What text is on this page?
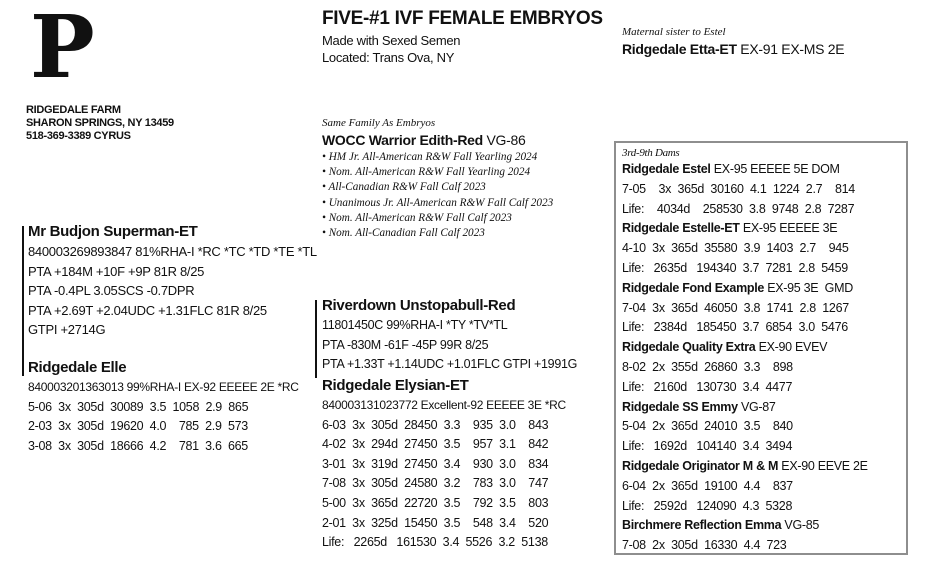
P
RIDGEDALE FARM
SHARON SPRINGS, NY 13459
518-369-3389 CYRUS
FIVE-#1 IVF FEMALE EMBRYOS
Made with Sexed Semen
Located: Trans Ova, NY
Maternal sister to Estel
Ridgedale Etta-ET EX-91 EX-MS 2E
Same Family As Embryos
WOCC Warrior Edith-Red VG-86
• HM Jr. All-American R&W Fall Yearling 2024
• Nom. All-American R&W Fall Yearling 2024
• All-Canadian R&W Fall Calf 2023
• Unanimous Jr. All-American R&W Fall Calf 2023
• Nom. All-American R&W Fall Calf 2023
• Nom. All-Canadian Fall Calf 2023
Mr Budjon Superman-ET
840003269893847 81%RHA-I *RC *TC *TD *TE *TL
PTA +184M +10F +9P 81R 8/25
PTA -0.4PL 3.05SCS -0.7DPR
PTA +2.69T +2.04UDC +1.31FLC 81R 8/25
GTPI +2714G
Ridgedale Elle
840003201363013 99%RHA-I EX-92 EEEEE 2E *RC
5-06  3x  305d  30089  3.5  1058  2.9  865
2-03  3x  305d  19620  4.0    785  2.9  573
3-08  3x  305d  18666  4.2    781  3.6  665
Riverdown Unstopabull-Red
11801450C 99%RHA-I *TY *TV*TL
PTA -830M -61F -45P 99R 8/25
PTA +1.33T +1.14UDC +1.01FLC GTPI +1991G
Ridgedale Elysian-ET
840003131023772 Excellent-92 EEEEE 3E *RC
6-03  3x  305d  28450  3.3    935  3.0    843
4-02  3x  294d  27450  3.5    957  3.1    842
3-01  3x  319d  27450  3.4    930  3.0    834
7-08  3x  305d  24580  3.2    783  3.0    747
5-00  3x  365d  22720  3.5    792  3.5    803
2-01  3x  325d  15450  3.5    548  3.4    520
Life:   2265d   161530  3.4  5526  3.2  5138
3rd-9th Dams
Ridgedale Estel EX-95 EEEEE 5E DOM
7-05    3x  365d  30160  4.1  1224  2.7    814
Life:    4034d    258530  3.8  9748  2.8  7287
Ridgedale Estelle-ET EX-95 EEEEE 3E
4-10  3x  365d  35580  3.9  1403  2.7    945
Life:   2635d   194340  3.7  7281  2.8  5459
Ridgedale Fond Example EX-95 3E  GMD
7-04  3x  365d  46050  3.8  1741  2.8  1267
Life:   2384d   185450  3.7  6854  3.0  5476
Ridgedale Quality Extra EX-90 EVEV
8-02  2x  355d  26860  3.3    898
Life:   2160d   130730  3.4  4477
Ridgedale SS Emmy VG-87
5-04  2x  365d  24010  3.5    840
Life:   1692d   104140  3.4  3494
Ridgedale Originator M & M EX-90 EEVE 2E
6-04  2x  365d  19100  4.4    837
Life:   2592d   124090  4.3  5328
Birchmere Reflection Emma VG-85
7-08  2x  305d  16330  4.4  723
